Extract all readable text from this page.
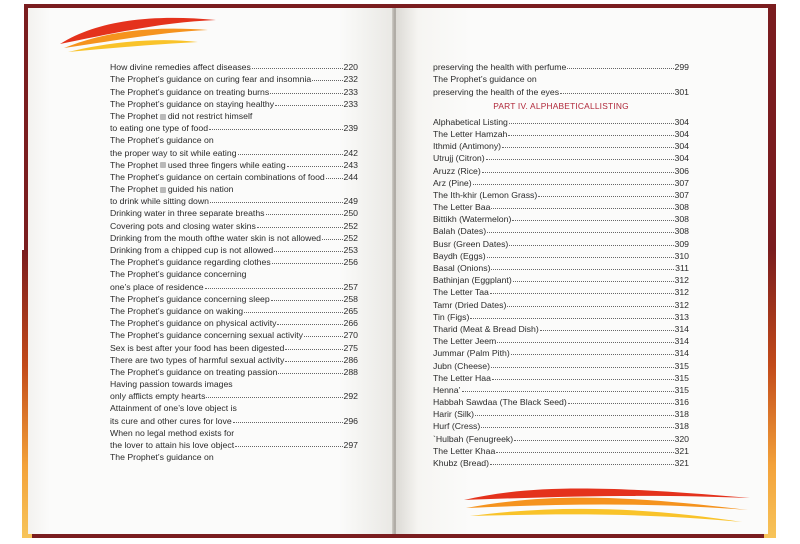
How divine remedies affect diseases	220
The Prophet’s guidance on curing fear and insomnia	232
The Prophet’s guidance on treating burns	233
The Prophet’s guidance on staying healthy	233
The Prophet did not restrict himself
to eating one type of food	239
The Prophet’s guidance on
the proper way to sit while eating	242
The Prophet used three fingers while eating	243
The Prophet’s guidance on certain combinations of food 244
The Prophet guided his nation
to drink while sitting down	249
Drinking water in three separate breaths	250
Covering pots and closing water skins	252
Drinking from the mouth ofthe water skin is not allowed	252
Drinking from a chipped cup is not allowed	253
The Prophet’s guidance regarding clothes	256
The Prophet’s guidance concerning
one’s place of residence	257
The Prophet’s guidance concerning sleep	258
The Prophet’s guidance on waking	265
The Prophet’s guidance on physical activity	266
The Prophet’s guidance concerning sexual activity	270
Sex is best after your food has been digested	275
There are two types of harmful sexual activity	286
The Prophet’s guidance on treating passion	288
Having passion towards images
only afflicts empty hearts	292
Attainment of one’s love object is
its cure and other cures for love	296
When no legal method exists for
the lover to attain his love object	297
The Prophet’s guidance on
preserving the health with perfume	299
The Prophet’s guidance on
preserving the health of the eyes	301
PART IV. ALPHABETICALLISTING
Alphabetical Listing	304
The Letter Hamzah	304
Ithmid (Antimony)	304
Utrujj (Citron)	304
Aruzz (Rice)	306
Arz (Pine)	307
The Ith-khir (Lemon Grass)	307
The Letter Baa	308
Bittikh (Watermelon)	308
Balah (Dates)	308
Busr (Green Dates)	309
Baydh (Eggs)	310
Basal (Onions)	311
Bathinjan (Eggplant)	312
The Letter Taa	312
Tamr (Dried Dates)	312
Tin (Figs)	313
Tharid (Meat & Bread Dish)	314
The Letter Jeem	314
Jummar (Palm Pith)	314
Jubn (Cheese)	315
The Letter Haa	315
Henna’	315
Habbah Sawdaa (The Black Seed)	316
Harir (Silk)	318
Hurf (Cress)	318
`Hulbah (Fenugreek)	320
The Letter Khaa	321
Khubz (Bread)	321
